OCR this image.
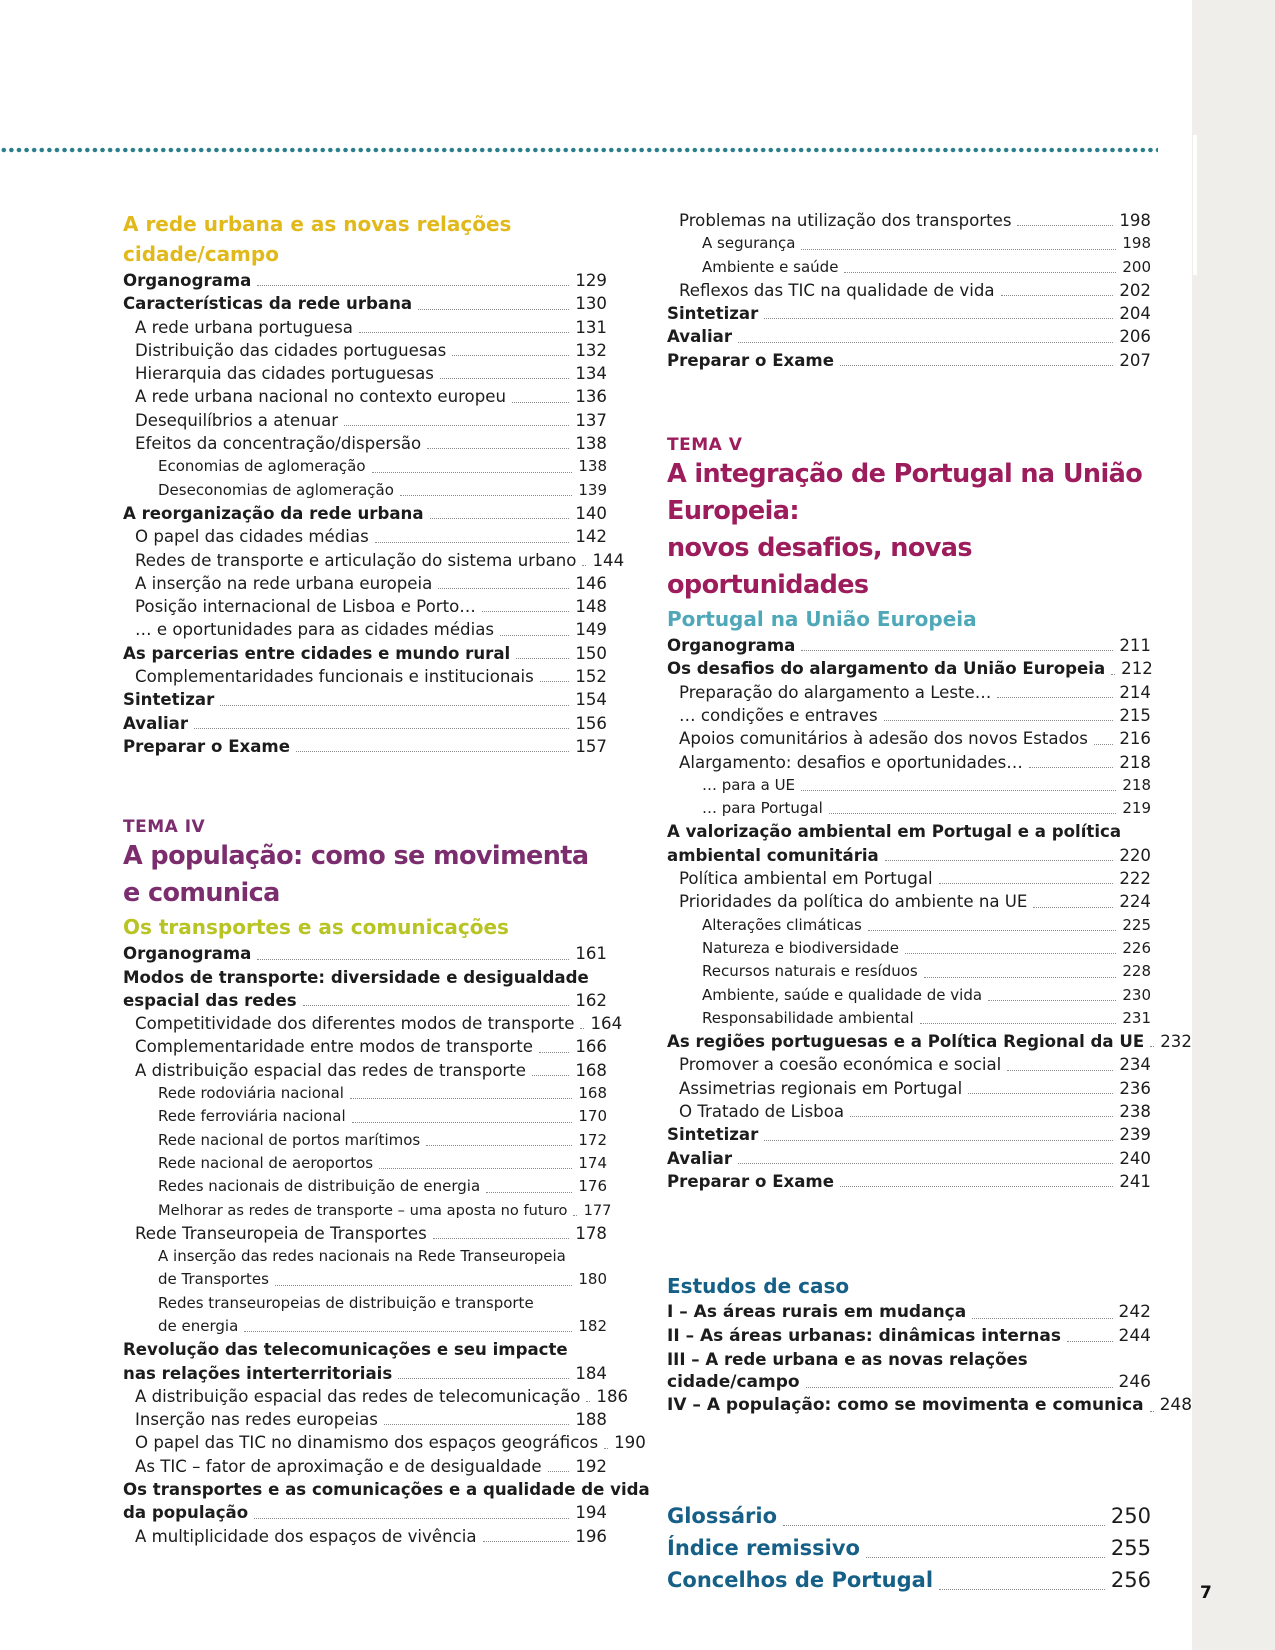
A rede urbana e as novas relações cidade/campo
Organograma	129
Características da rede urbana	130
A rede urbana portuguesa	131
Distribuição das cidades portuguesas	132
Hierarquia das cidades portuguesas	134
A rede urbana nacional no contexto europeu	136
Desequilíbrios a atenuar	137
Efeitos da concentração/dispersão	138
Economias de aglomeração	138
Deseconomias de aglomeração	139
A reorganização da rede urbana	140
O papel das cidades médias	142
Redes de transporte e articulação do sistema urbano 144
A inserção na rede urbana europeia	146
Posição internacional de Lisboa e Porto…	148
… e oportunidades para as cidades médias	149
As parcerias entre cidades e mundo rural	150
Complementaridades funcionais e institucionais 152
Sintetizar	154
Avaliar	156
Preparar o Exame	157
TEMA IV
A população: como se movimenta
e comunica
Os transportes e as comunicações
Organograma	161
Modos de transporte: diversidade e desigualdade
espacial das redes	162
Competitividade dos diferentes modos de transporte 164
Complementaridade entre modos de transporte	166
A distribuição espacial das redes de transporte	168
Rede rodoviária nacional	168
Rede ferroviária nacional	170
Rede nacional de portos marítimos	172
Rede nacional de aeroportos	174
Redes nacionais de distribuição de energia	176
Melhorar as redes de transporte – uma aposta no futuro 177
Rede Transeuropeia de Transportes	178
A inserção das redes nacionais na Rede Transeuropeia
de Transportes	180
Redes transeuropeias de distribuição e transporte
de energia	182
Revolução das telecomunicações e seu impacte
nas relações interterritoriais	184
A distribuição espacial das redes de telecomunicação 186
Inserção nas redes europeias	188
O papel das TIC no dinamismo dos espaços geográficos 190
As TIC – fator de aproximação e de desigualdade 192
Os transportes e as comunicações e a qualidade de vida
da população	194
A multiplicidade dos espaços de vivência	196
Problemas na utilização dos transportes	198
A segurança	198
Ambiente e saúde	200
Reflexos das TIC na qualidade de vida	202
Sintetizar	204
Avaliar	206
Preparar o Exame	207
TEMA V
A integração de Portugal na União Europeia:
novos desafios, novas oportunidades
Portugal na União Europeia
Organograma	211
Os desafios do alargamento da União Europeia 212
Preparação do alargamento a Leste…	214
… condições e entraves	215
Apoios comunitários à adesão dos novos Estados 216
Alargamento: desafios e oportunidades…	218
… para a UE	218
… para Portugal	219
A valorização ambiental em Portugal e a política
ambiental comunitária	220
Política ambiental em Portugal	222
Prioridades da política do ambiente na UE	224
Alterações climáticas	225
Natureza e biodiversidade	226
Recursos naturais e resíduos	228
Ambiente, saúde e qualidade de vida	230
Responsabilidade ambiental	231
As regiões portuguesas e a Política Regional da UE 232
Promover a coesão económica e social	234
Assimetrias regionais em Portugal	236
O Tratado de Lisboa	238
Sintetizar	239
Avaliar	240
Preparar o Exame	241
Estudos de caso
I – As áreas rurais em mudança	242
II – As áreas urbanas: dinâmicas internas	244
III – A rede urbana e as novas relações
cidade/campo	246
IV – A população: como se movimenta e comunica 248
Glossário	250
Índice remissivo	255
Concelhos de Portugal	256
7
